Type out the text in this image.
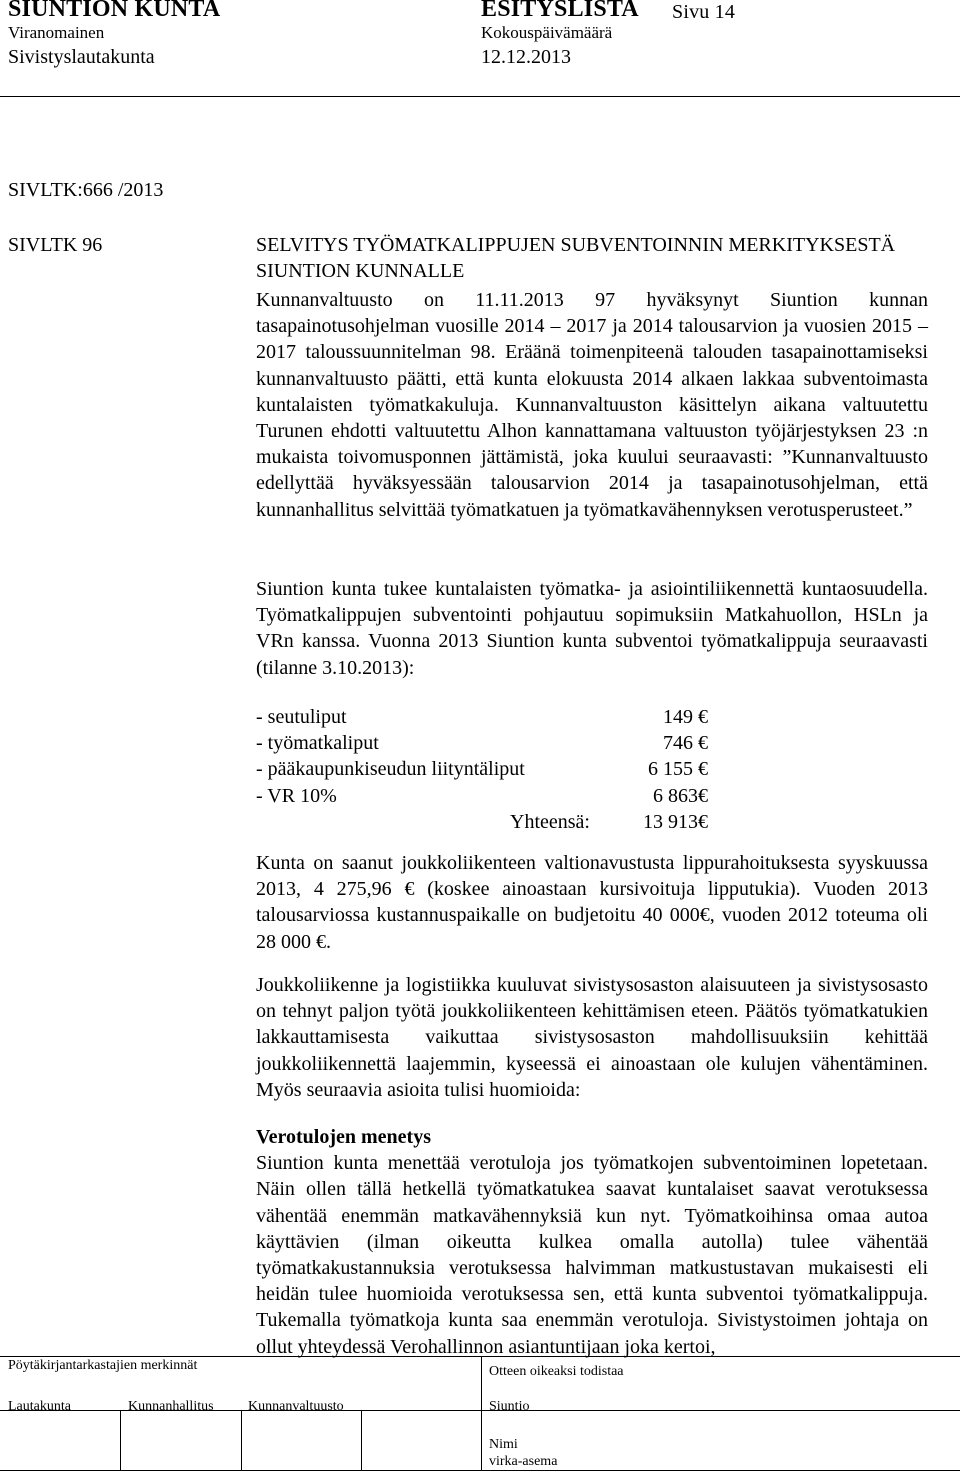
SIUNTION KUNTA	ESITYSLISTA Sivu 14
Viranomainen	Kokouspäivämäärä
Sivistyslautakunta	12.12.2013
SIVLTK:666 /2013
SIVLTK 96	SELVITYS TYÖMATKALIPPUJEN SUBVENTOINNIN MERKITYKSESTÄ SIUNTION KUNNALLE

Kunnanvaltuusto on 11.11.2013 97 hyväksynyt Siuntion kunnan tasapainotusohjelman vuosille 2014 – 2017 ja 2014 talousarvion ja vuosien 2015 – 2017 taloussuunnitelman 98. Eräänä toimenpiteenä talouden tasapainottamiseksi kunnanvaltuusto päätti, että kunta elokuusta 2014 alkaen lakkaa subventoimasta kuntalaisten työmatkakuluja. Kunnanvaltuuston käsittelyn aikana valtuutettu Turunen ehdotti valtuutettu Alhon kannattamana valtuuston työjärjestyksen 23 :n mukaista toivomusponnen jättämistä, joka kuului seuraavasti: ”Kunnanvaltuusto edellyttää hyväksyessään talousarvion 2014 ja tasapainotusohjelman, että kunnanhallitus selvittää työmatkatuen ja työmatkavähennyksen verotusperusteet.”

Siuntion kunta tukee kuntalaisten työmatka- ja asiointiliikennettä kuntaosuudella. Työmatkalippujen subventointi pohjautuu sopimuksiin Matkahuollon, HSLn ja VRn kanssa. Vuonna 2013 Siuntion kunta subventoi työmatkalippuja seuraavasti (tilanne 3.10.2013):

- seutuliput	149 €
- työmatkaliput	746 €
- pääkaupunkiseudun liityntäliput	6 155 €
- VR 10%	6 863€
Yhteensä:	13 913€

Kunta on saanut joukkoliikenteen valtionavustusta lippurahoituksesta syyskuussa 2013, 4 275,96 € (koskee ainoastaan kursivoituja lipputukia). Vuoden 2013 talousarviossa kustannuspaikalle on budjetoitu 40 000€, vuoden 2012 toteuma oli 28 000 €.

Joukkoliikenne ja logistiikka kuuluvat sivistysosaston alaisuuteen ja sivistysosasto on tehnyt paljon työtä joukkoliikenteen kehittämisen eteen. Päätös työmatkatukien lakkauttamisesta vaikuttaa sivistysosaston mahdollisuuksiin kehittää joukkoliikennettä laajemmin, kyseessä ei ainoastaan ole kulujen vähentäminen. Myös seuraavia asioita tulisi huomioida:

Verotulojen menetys

Siuntion kunta menettää verotuloja jos työmatkojen subventoiminen lopetetaan. Näin ollen tällä hetkellä työmatkatukea saavat kuntalaiset saavat verotuksessa vähentää enemmän matkavähennyksiä kun nyt. Työmatkoihinsa omaa autoa käyttävien (ilman oikeutta kulkea omalla autolla) tulee vähentää työmatkakustannuksia verotuksessa halvimman matkustustavan mukaisesti eli heidän tulee huomioida verotuksessa sen, että kunta subventoi työmatkalippuja. Tukemalla työmatkoja kunta saa enemmän verotuloja. Sivistystoimen johtaja on ollut yhteydessä Verohallinnon asiantuntijaan joka kertoi,

Pöytäkirjantarkastajien merkinnät
Lautakunta	Kunnanhallitus Kunnanvaltuusto
Otteen oikeaksi todistaa
Siuntio
Nimi
virka-asema
